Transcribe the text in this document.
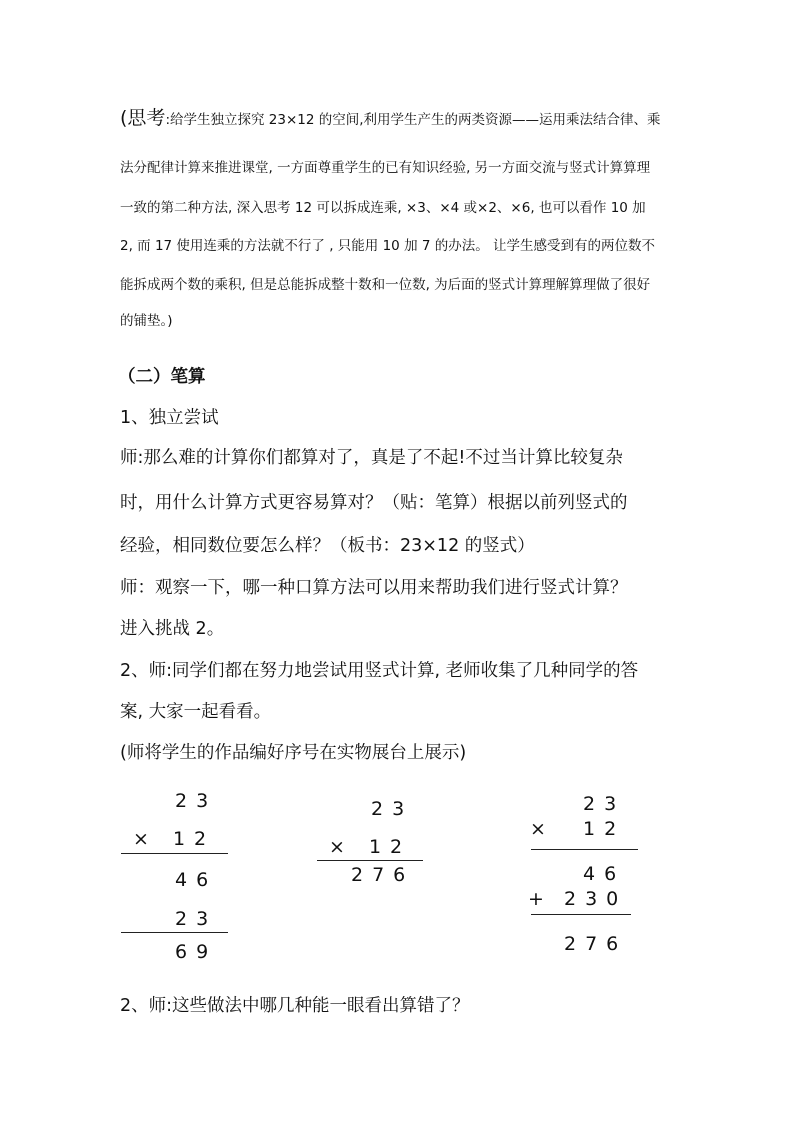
(思考:给学生独立探究 23×12 的空间,利用学生产生的两类资源——运用乘法结合律、乘
法分配律计算来推进课堂, 一方面尊重学生的已有知识经验, 另一方面交流与竖式计算算理
一致的第二种方法, 深入思考 12 可以拆成连乘, ×3、×4 或×2、×6, 也可以看作 10 加
2, 而 17 使用连乘的方法就不行了 , 只能用 10 加 7 的办法。 让学生感受到有的两位数不
能拆成两个数的乘积, 但是总能拆成整十数和一位数, 为后面的竖式计算理解算理做了很好
的铺垫。)
（二）笔算
1、独立尝试
师:那么难的计算你们都算对了，真是了不起!不过当计算比较复杂
时，用什么计算方式更容易算对？（贴：笔算）根据以前列竖式的
经验，相同数位要怎么样？（板书：23×12 的竖式）
师：观察一下，哪一种口算方法可以用来帮助我们进行竖式计算？
进入挑战 2。
2、师:同学们都在努力地尝试用竖式计算, 老师收集了几种同学的答
案, 大家一起看看。
(师将学生的作品编好序号在实物展台上展示)
23
× 12
46
23
69
23
× 12
276
23
× 12
46
+ 230
276
2、师:这些做法中哪几种能一眼看出算错了？
